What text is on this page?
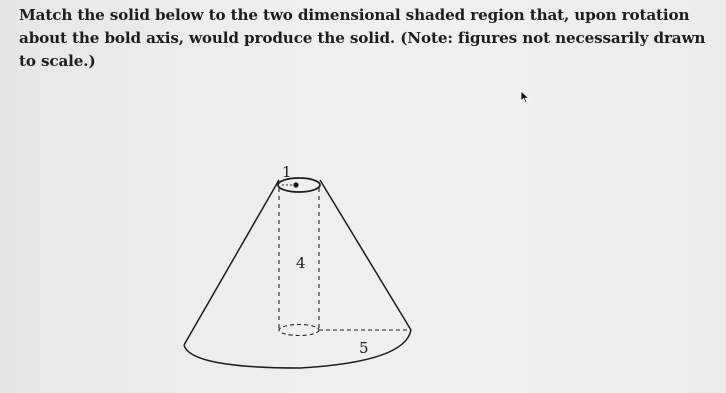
Match the solid below to the two dimensional shaded region that, upon rotation about the bold axis, would produce the solid. (Note: figures not necessarily drawn to scale.)

1
4
5
